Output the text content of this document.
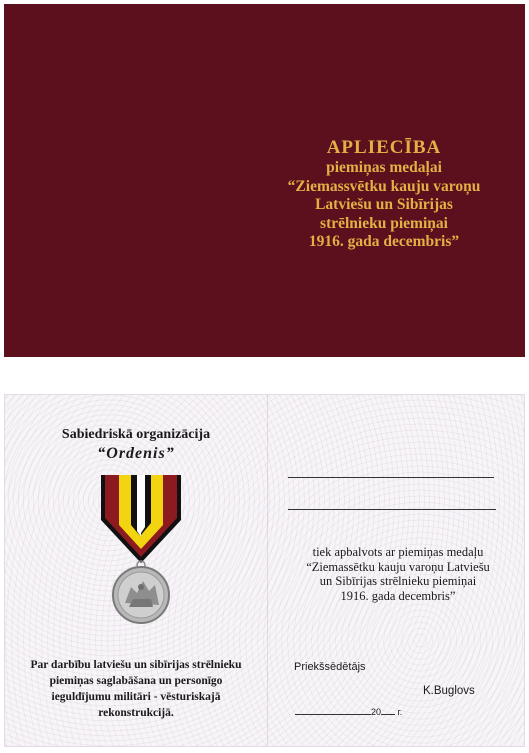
APLIECĪBA
piemiņas medaļai
“Ziemassvētku kauju varoņu
Latviešu un Sibīrijas
strēlnieku piemiņai
1916. gada decembris”
Sabiedriskā organizācija
“Ordenis”
Par darbību latviešu un sibīrijas strēlnieku
piemiņas saglabāšana un personīgo
ieguldījumu militāri - vēsturiskajā
rekonstrukcijā.
tiek apbalvots ar piemiņas medaļu
“Ziemassētku kauju varoņu Latviešu
un Sibīrijas strēlnieku piemiņai
1916. gada decembris”
Priekšsēdētājs
K.Buglovs
20 г.
